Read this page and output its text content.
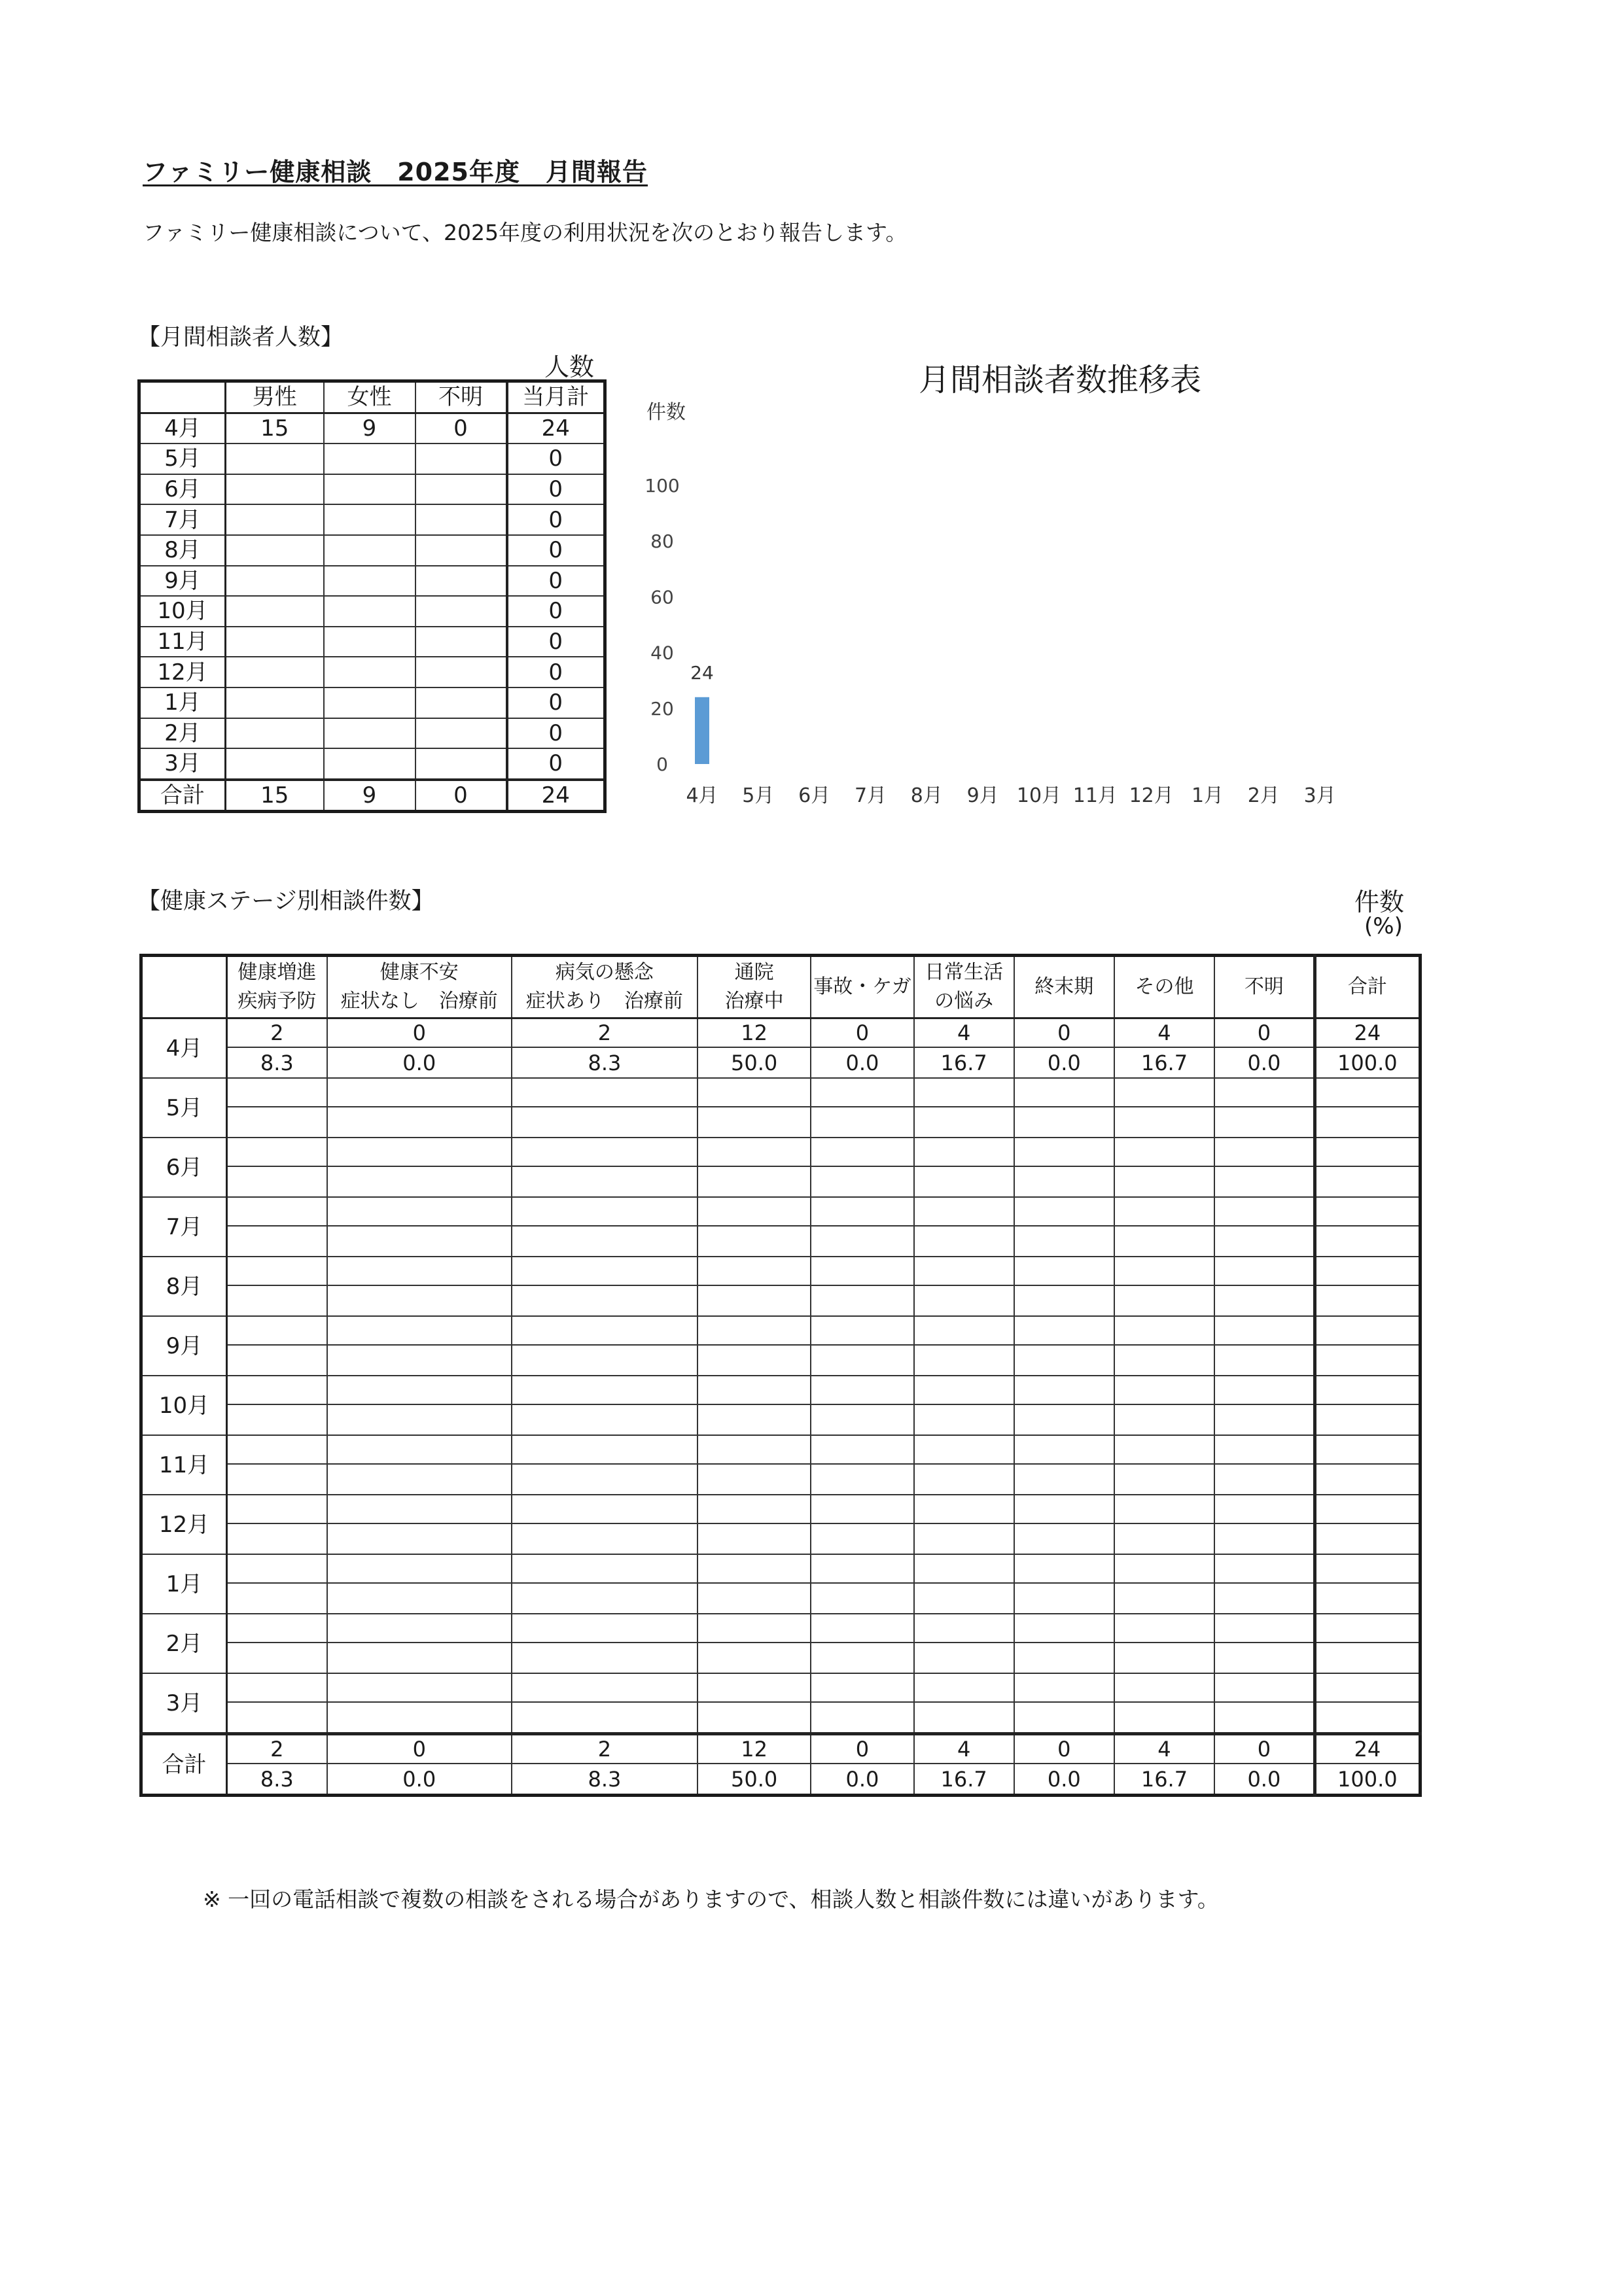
ファミリー健康相談　2025年度　月間報告
ファミリー健康相談について、2025年度の利用状況を次のとおり報告します。
【月間相談者人数】
人数
	男性	女性	不明	当月計
4月	15	9	0	24
5月				0
6月				0
7月				0
8月				0
9月				0
10月				0
11月				0
12月				0
1月				0
2月				0
3月				0
合計	15	9	0	24
月間相談者数推移表
件数
0
20
40
60
80
100
24
4月 5月 6月 7月 8月 9月 10月 11月 12月 1月 2月 3月
【健康ステージ別相談件数】	件数
(%)

	健康増進
疾病予防	健康不安
症状なし　治療前	病気の懸念
症状あり　治療前	通院
治療中	事故・ケガ	日常生活
の悩み	終末期	その他	不明	合計

4月	2	0	2	12	0	4	0	4	0	24
	8.3	0.0	8.3	50.0	0.0	16.7	0.0	16.7	0.0	100.0
5月										

6月										

7月										

8月										

9月										

10月										

11月										

12月										

1月										

2月										

3月										

合計	2	0	2	12	0	4	0	4	0	24
	8.3	0.0	8.3	50.0	0.0	16.7	0.0	16.7	0.0	100.0
※ 一回の電話相談で複数の相談をされる場合がありますので、相談人数と相談件数には違いがあります。
